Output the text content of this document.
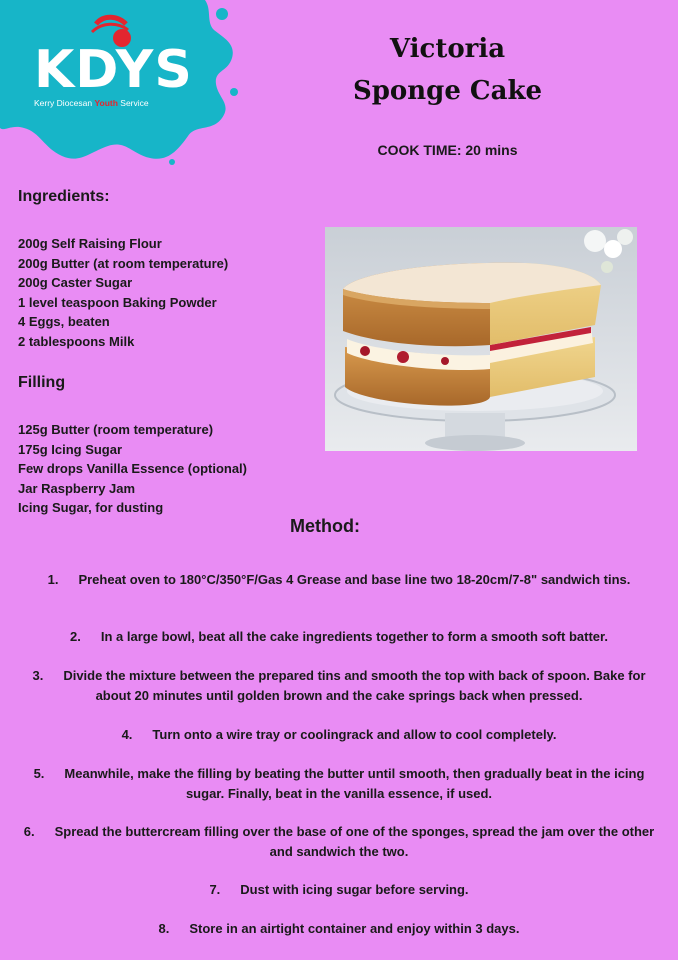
KDYS
Kerry Diocesan Youth Service
Victoria Sponge Cake
COOK TIME: 20 mins
Ingredients:
200g Self Raising Flour
200g Butter (at room temperature)
200g Caster Sugar
1 level teaspoon Baking Powder
4 Eggs, beaten
2 tablespoons Milk
Filling
125g Butter (room temperature)
175g Icing Sugar
Few drops Vanilla Essence (optional)
Jar Raspberry Jam
Icing Sugar, for dusting
Method:
1. Preheat oven to 180°C/350°F/Gas 4 Grease and base line two 18-20cm/7-8" sandwich tins.
2. In a large bowl, beat all the cake ingredients together to form a smooth soft batter.
3. Divide the mixture between the prepared tins and smooth the top with back of spoon. Bake for about 20 minutes until golden brown and the cake springs back when pressed.
4. Turn onto a wire tray or coolingrack and allow to cool completely.
5. Meanwhile, make the filling by beating the butter until smooth, then gradually beat in the icing sugar. Finally, beat in the vanilla essence, if used.
6. Spread the buttercream filling over the base of one of the sponges, spread the jam over the other and sandwich the two.
7. Dust with icing sugar before serving.
8. Store in an airtight container and enjoy within 3 days.
